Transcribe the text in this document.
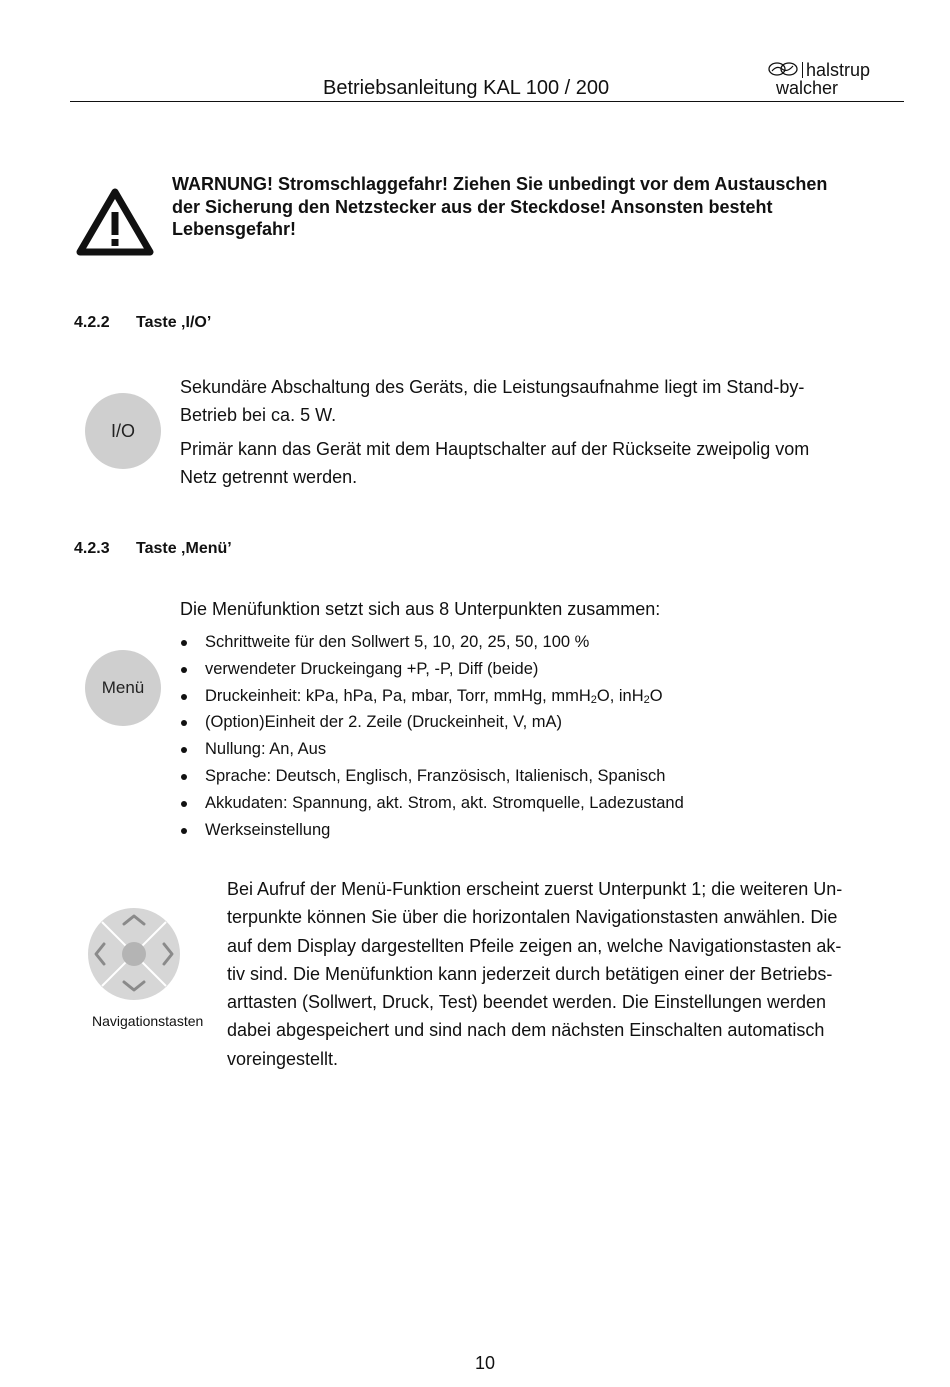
Betriebsanleitung KAL 100 / 200
halstrup
walcher
WARNUNG! Stromschlaggefahr! Ziehen Sie unbedingt vor dem Austauschen
der Sicherung den Netzstecker aus der Steckdose! Ansonsten besteht
Lebensgefahr!
4.2.2 Taste ‚I/O’
I/O

Sekundäre Abschaltung des Geräts, die Leistungsaufnahme liegt im Stand-by-
Betrieb bei ca. 5 W.

Primär kann das Gerät mit dem Hauptschalter auf der Rückseite zweipolig vom
Netz getrennt werden.

4.2.3 Taste ‚Menü’
Menü
Die Menüfunktion setzt sich aus 8 Unterpunkten zusammen:
Schrittweite für den Sollwert 5, 10, 20, 25, 50, 100 %
verwendeter Druckeingang +P, -P, Diff (beide)
Druckeinheit: kPa, hPa, Pa, mbar, Torr, mmHg, mmH$_2$O, inH$_2$O
(Option)Einheit der 2. Zeile (Druckeinheit, V, mA)
Nullung: An, Aus
Sprache: Deutsch, Englisch, Französisch, Italienisch, Spanisch
Akkudaten: Spannung, akt. Strom, akt. Stromquelle, Ladezustand
Werkseinstellung
Navigationstasten
Bei Aufruf der Menü-Funktion erscheint zuerst Unterpunkt 1; die weiteren Un-
terpunkte können Sie über die horizontalen Navigationstasten anwählen. Die
auf dem Display dargestellten Pfeile zeigen an, welche Navigationstasten ak-
tiv sind. Die Menüfunktion kann jederzeit durch betätigen einer der Betriebs-
arttasten (Sollwert, Druck, Test) beendet werden. Die Einstellungen werden
dabei abgespeichert und sind nach dem nächsten Einschalten automatisch
voreingestellt.
10
